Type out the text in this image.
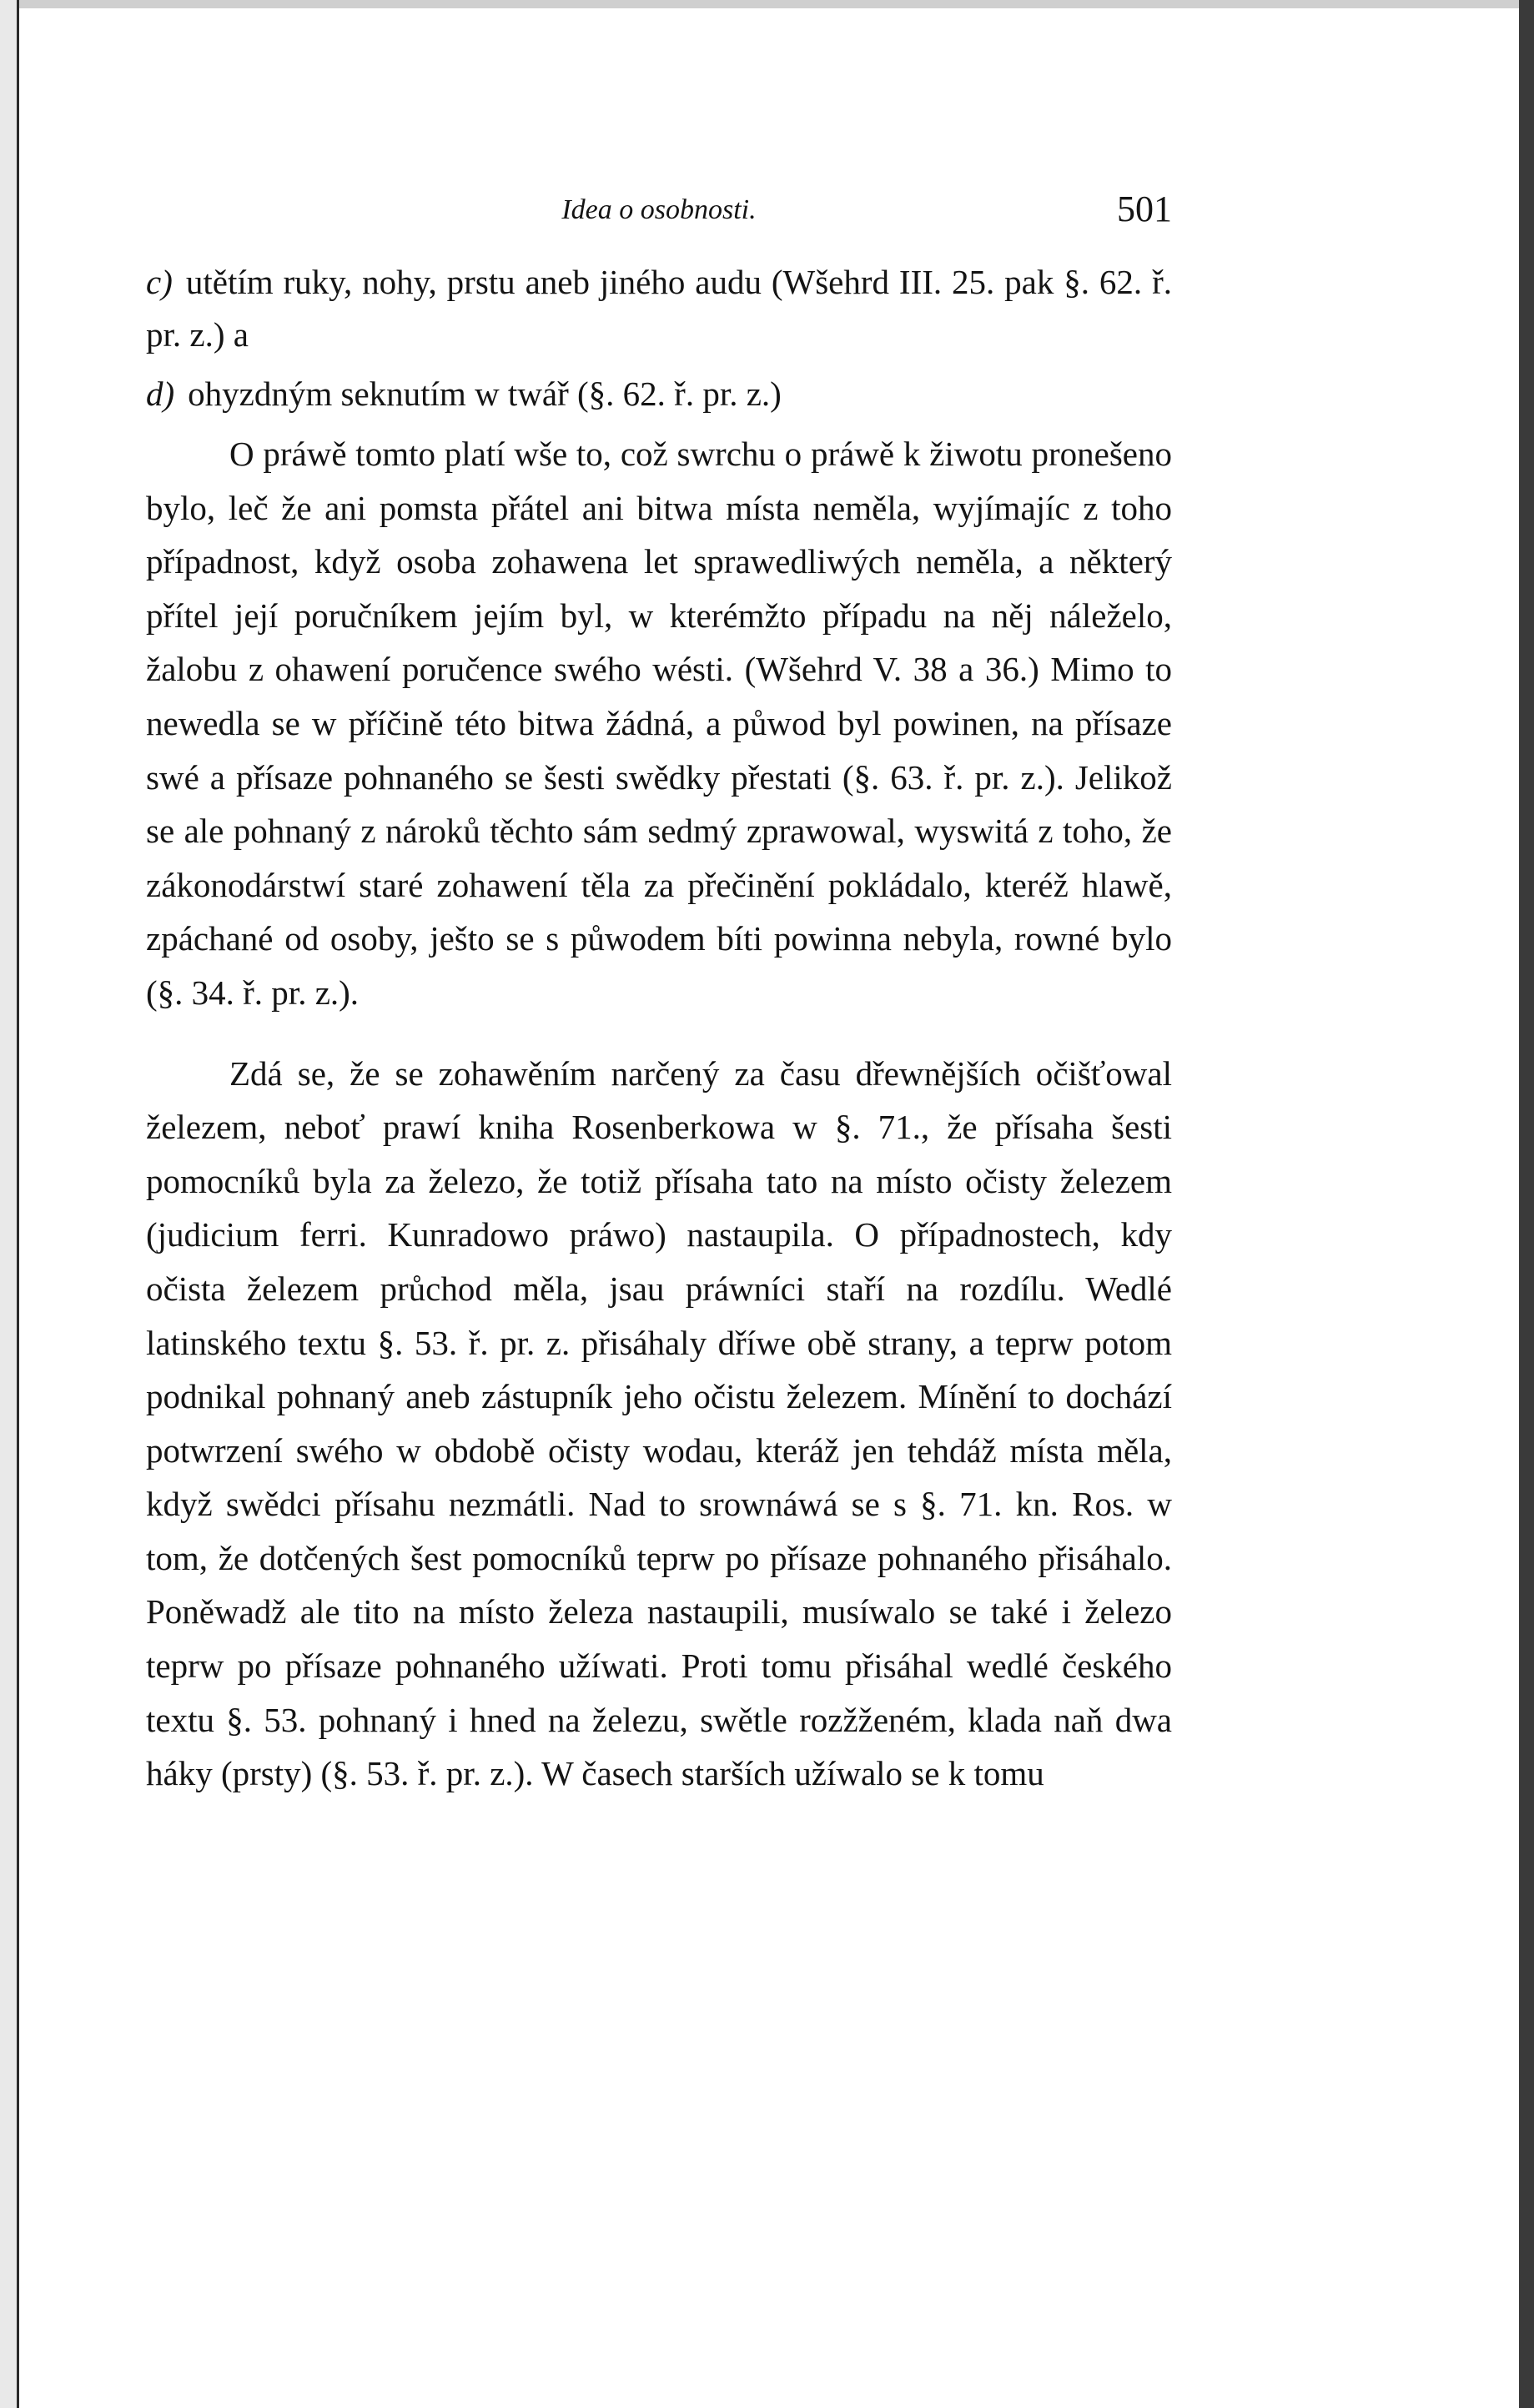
Idea o osobnosti.	501

c) utětím ruky, nohy, prstu aneb jiného audu (Wšehrd III. 25. pak §. 62. ř. pr. z.) a

d) ohyzdným seknutím w twář (§. 62. ř. pr. z.)

O práwě tomto platí wše to, což swrchu o práwě k žiwotu pronešeno bylo, leč že ani pomsta přátel ani bitwa místa neměla, wyjímajíc z toho případnost, když osoba zohawena let sprawedliwých neměla, a některý přítel její poručníkem jejím byl, w kterémžto případu na něj náleželo, žalobu z ohawení poručence swého wésti. (Wšehrd V. 38 a 36.) Mimo to newedla se w příčině této bitwa žádná, a půwod byl powinen, na přísaze swé a přísaze pohnaného se šesti swědky přestati (§. 63. ř. pr. z.). Jelikož se ale pohnaný z nároků těchto sám sedmý zprawowal, wyswitá z toho, že zákonodárstwí staré zohawení těla za přečinění pokládalo, kteréž hlawě, zpáchané od osoby, ješto se s půwodem bíti powinna nebyla, rowné bylo (§. 34. ř. pr. z.).

Zdá se, že se zohawěním narčený za času dřewnějších očišťowal železem, neboť prawí kniha Rosenberkowa w §. 71., že přísaha šesti pomocníků byla za železo, že totiž přísaha tato na místo očisty železem (judicium ferri. Kunradowo práwo) nastaupila. O případnostech, kdy očista železem průchod měla, jsau práwníci staří na rozdílu. Wedlé latinského textu §. 53. ř. pr. z. přisáhaly dříwe obě strany, a teprw potom podnikal pohnaný aneb zástupník jeho očistu železem. Mínění to dochází potwrzení swého w obdobě očisty wodau, kteráž jen tehdáž místa měla, když swědci přísahu nezmátli. Nad to srownáwá se s §. 71. kn. Ros. w tom, že dotčených šest pomocníků teprw po přísaze pohnaného přisáhalo. Poněwadž ale tito na místo železa nastaupili, musíwalo se také i železo teprw po přísaze pohnaného užíwati. Proti tomu přisáhal wedlé českého textu §. 53. pohnaný i hned na železu, swětle rozžženém, klada naň dwa háky (prsty) (§. 53. ř. pr. z.). W časech starších užíwalo se k tomu
